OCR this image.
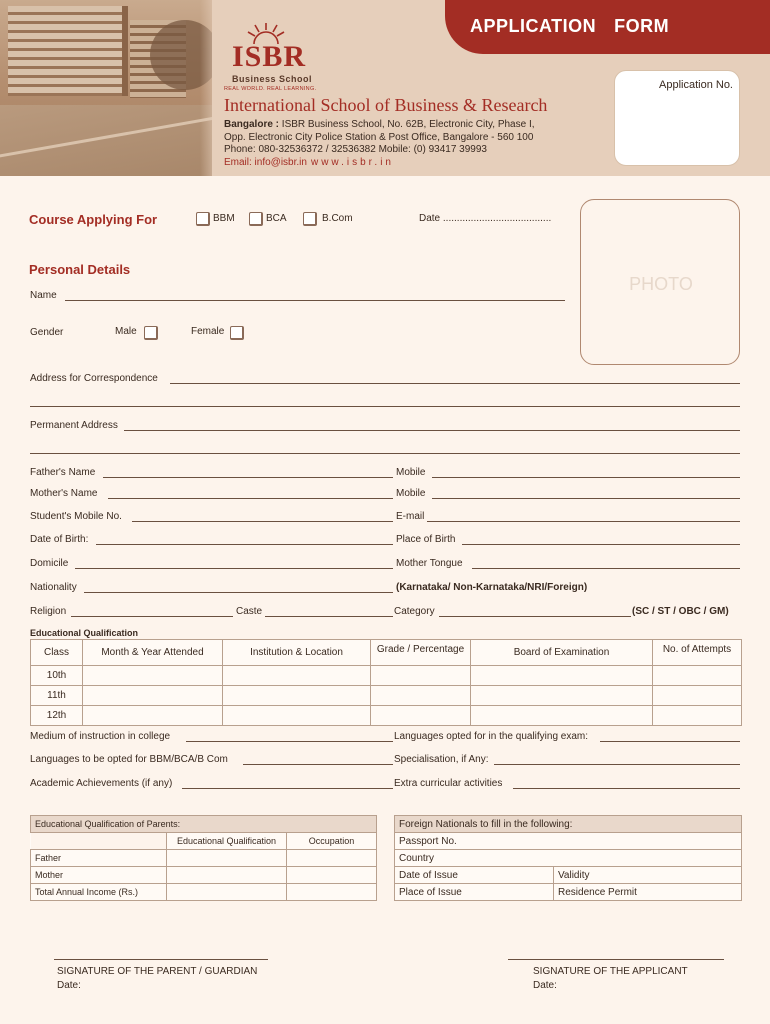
APPLICATION FORM
ISBR
Business School
REAL WORLD. REAL LEARNING.
International School of Business & Research
Bangalore : ISBR Business School, No. 62B, Electronic City, Phase I,
Opp. Electronic City Police Station & Post Office, Bangalore - 560 100
Phone: 080-32536372 / 32536382 Mobile: (0) 93417 39993
Email: info@isbr.in www.isbr.in
Application No.
Course Applying For	BBM	BCA	B.Com	Date .......................................
PHOTO
Personal Details
Name
Gender	Male	Female
Address for Correspondence
Permanent Address
Father's Name	Mobile
Mother's Name	Mobile
Student's Mobile No.	E-mail
Date of Birth:	Place of Birth
Domicile	Mother Tongue
Nationality	(Karnataka/ Non-Karnataka/NRI/Foreign)
Religion	Caste	Category	(SC / ST / OBC / GM)
Educational Qualification
Class	Month & Year Attended	Institution & Location	Grade / Percentage	Board of Examination	No. of Attempts
10th					
11th					
12th					
Medium of instruction in college	Languages opted for in the qualifying exam:
Languages to be opted for BBM/BCA/B Com	Specialisation, if Any:
Academic Achievements (if any)	Extra curricular activities
Educational Qualification of Parents:		
	Educational Qualification	Occupation
Father		
Mother		
Total Annual Income (Rs.)		
Foreign Nationals to fill in the following:	
Passport No.	
Country	
Date of Issue	Validity
Place of Issue	Residence Permit
SIGNATURE OF THE PARENT / GUARDIAN
Date:
SIGNATURE OF THE APPLICANT
Date:
